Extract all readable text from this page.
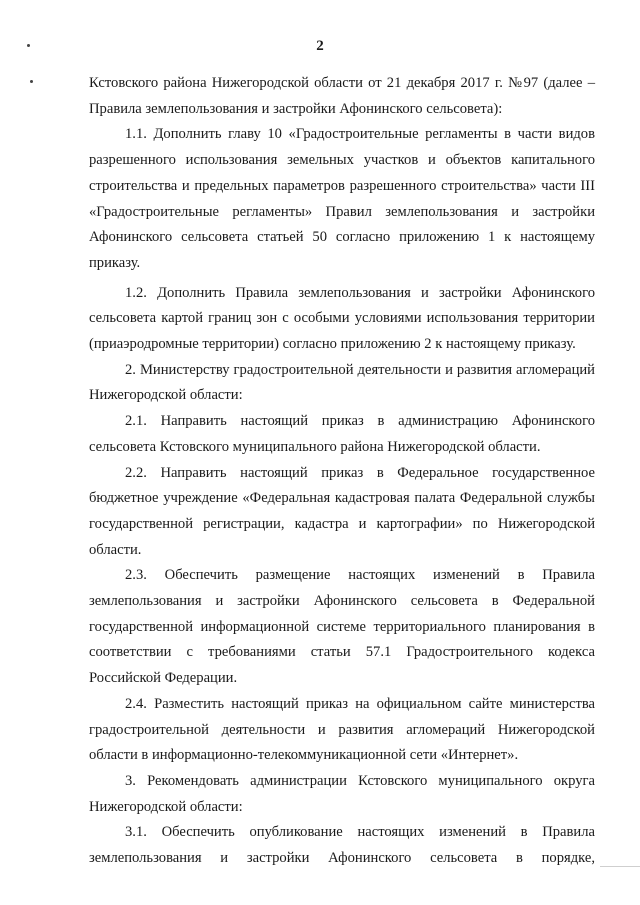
2

Кстовского района Нижегородской области от 21 декабря 2017 г. №97 (далее – Правила землепользования и застройки Афонинского сельсовета):

1.1. Дополнить главу 10 «Градостроительные регламенты в части видов разрешенного использования земельных участков и объектов капитального строительства и предельных параметров разрешенного строительства» части III «Градостроительные регламенты» Правил землепользования и застройки Афонинского сельсовета статьей 50 согласно приложению 1 к настоящему приказу.

1.2. Дополнить Правила землепользования и застройки Афонинского сельсовета картой границ зон с особыми условиями использования территории (приаэродромные территории) согласно приложению 2 к настоящему приказу.

2. Министерству градостроительной деятельности и развития агломераций Нижегородской области:

2.1. Направить настоящий приказ в администрацию Афонинского сельсовета Кстовского муниципального района Нижегородской области.

2.2. Направить настоящий приказ в Федеральное государственное бюджетное учреждение «Федеральная кадастровая палата Федеральной службы государственной регистрации, кадастра и картографии» по Нижегородской области.

2.3. Обеспечить размещение настоящих изменений в Правила землепользования и застройки Афонинского сельсовета в Федеральной государственной информационной системе территориального планирования в соответствии с требованиями статьи 57.1 Градостроительного кодекса Российской Федерации.

2.4. Разместить настоящий приказ на официальном сайте министерства градостроительной деятельности и развития агломераций Нижегородской области в информационно-телекоммуникационной сети «Интернет».

3. Рекомендовать администрации Кстовского муниципального округа Нижегородской области:

3.1. Обеспечить опубликование настоящих изменений в Правила землепользования и застройки Афонинского сельсовета в порядке,
